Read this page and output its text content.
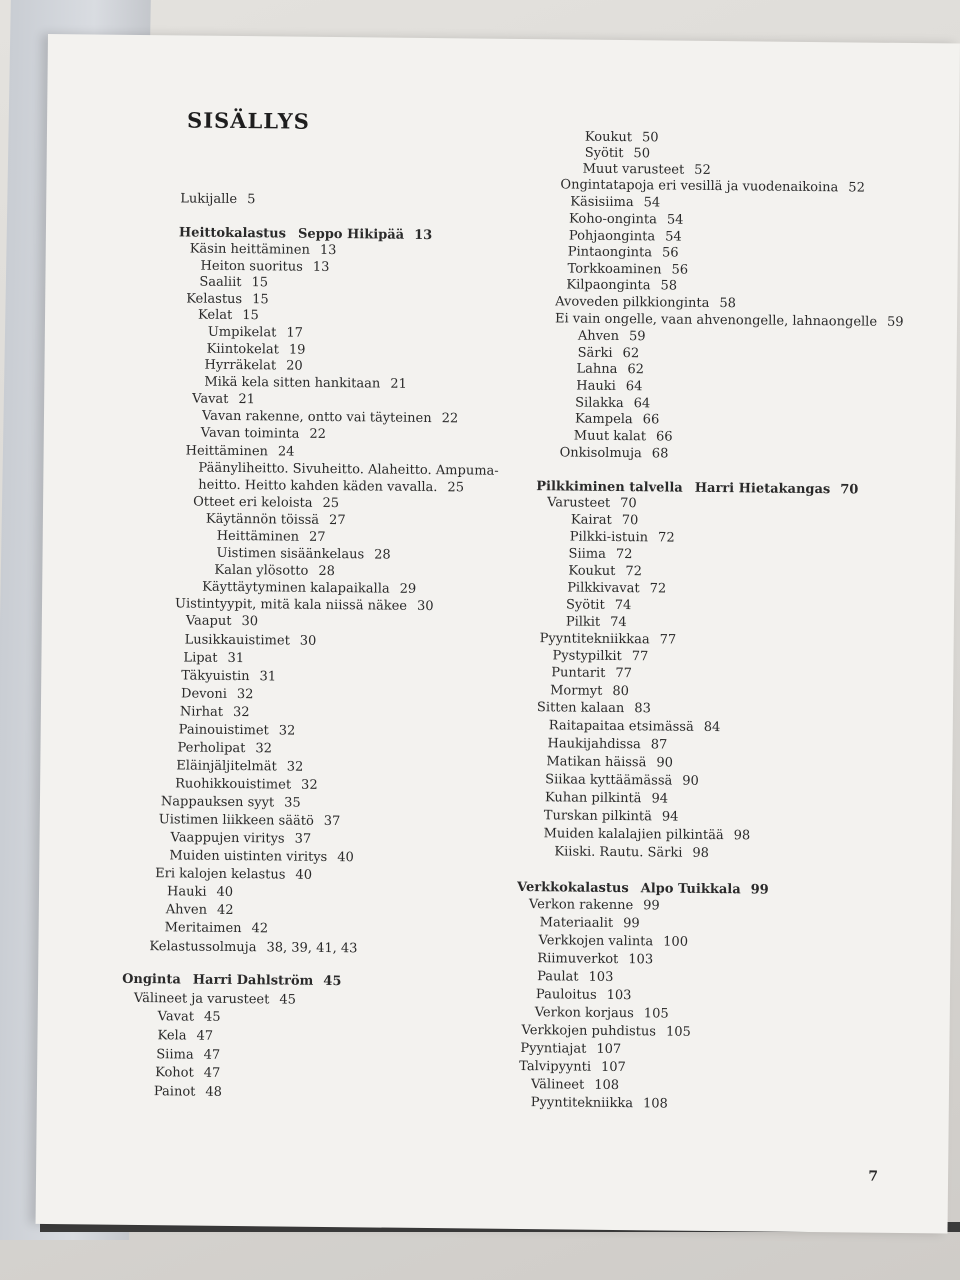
SISÄLLYS
Lukijalle 5
Heittokalastus Seppo Hikipää 13
Käsin heittäminen 13
Heiton suoritus 13
Saaliit 15
Kelastus 15
Kelat 15
Umpikelat 17
Kiintokelat 19
Hyrräkelat 20
Mikä kela sitten hankitaan 21
Vavat 21
Vavan rakenne, ontto vai täyteinen 22
Vavan toiminta 22
Heittäminen 24
Päänyliheitto. Sivuheitto. Alaheitto. Ampuma-
heitto. Heitto kahden käden vavalla. 25
Otteet eri keloista 25
Käytännön töissä 27
Heittäminen 27
Uistimen sisäänkelaus 28
Kalan ylösotto 28
Käyttäytyminen kalapaikalla 29
Uistintyypit, mitä kala niissä näkee 30
Vaaput 30
Lusikkauistimet 30
Lipat 31
Täkyuistin 31
Devoni 32
Nirhat 32
Painouistimet 32
Perholipat 32
Eläinjäljitelmät 32
Ruohikkouistimet 32
Nappauksen syyt 35
Uistimen liikkeen säätö 37
Vaappujen viritys 37
Muiden uistinten viritys 40
Eri kalojen kelastus 40
Hauki 40
Ahven 42
Meritaimen 42
Kelastussolmuja 38, 39, 41, 43
Onginta Harri Dahlström 45
Välineet ja varusteet 45
Vavat 45
Kela 47
Siima 47
Kohot 47
Painot 48
Koukut 50
Syötit 50
Muut varusteet 52
Ongintatapoja eri vesillä ja vuodenaikoina 52
Käsisiima 54
Koho-onginta 54
Pohjaonginta 54
Pintaonginta 56
Torkkoaminen 56
Kilpaonginta 58
Avoveden pilkkionginta 58
Ei vain ongelle, vaan ahvenongelle, lahnaongelle 59
Ahven 59
Särki 62
Lahna 62
Hauki 64
Silakka 64
Kampela 66
Muut kalat 66
Onkisolmuja 68
Pilkkiminen talvella Harri Hietakangas 70
Varusteet 70
Kairat 70
Pilkki-istuin 72
Siima 72
Koukut 72
Pilkkivavat 72
Syötit 74
Pilkit 74
Pyyntitekniikkaa 77
Pystypilkit 77
Puntarit 77
Mormyt 80
Sitten kalaan 83
Raitapaitaa etsimässä 84
Haukijahdissa 87
Matikan häissä 90
Siikaa kyttäämässä 90
Kuhan pilkintä 94
Turskan pilkintä 94
Muiden kalalajien pilkintää 98
Kiiski. Rautu. Särki 98
Verkkokalastus Alpo Tuikkala 99
Verkon rakenne 99
Materiaalit 99
Verkkojen valinta 100
Riimuverkot 103
Paulat 103
Pauloitus 103
Verkon korjaus 105
Verkkojen puhdistus 105
Pyyntiajat 107
Talvipyynti 107
Välineet 108
Pyyntitekniikka 108
7
